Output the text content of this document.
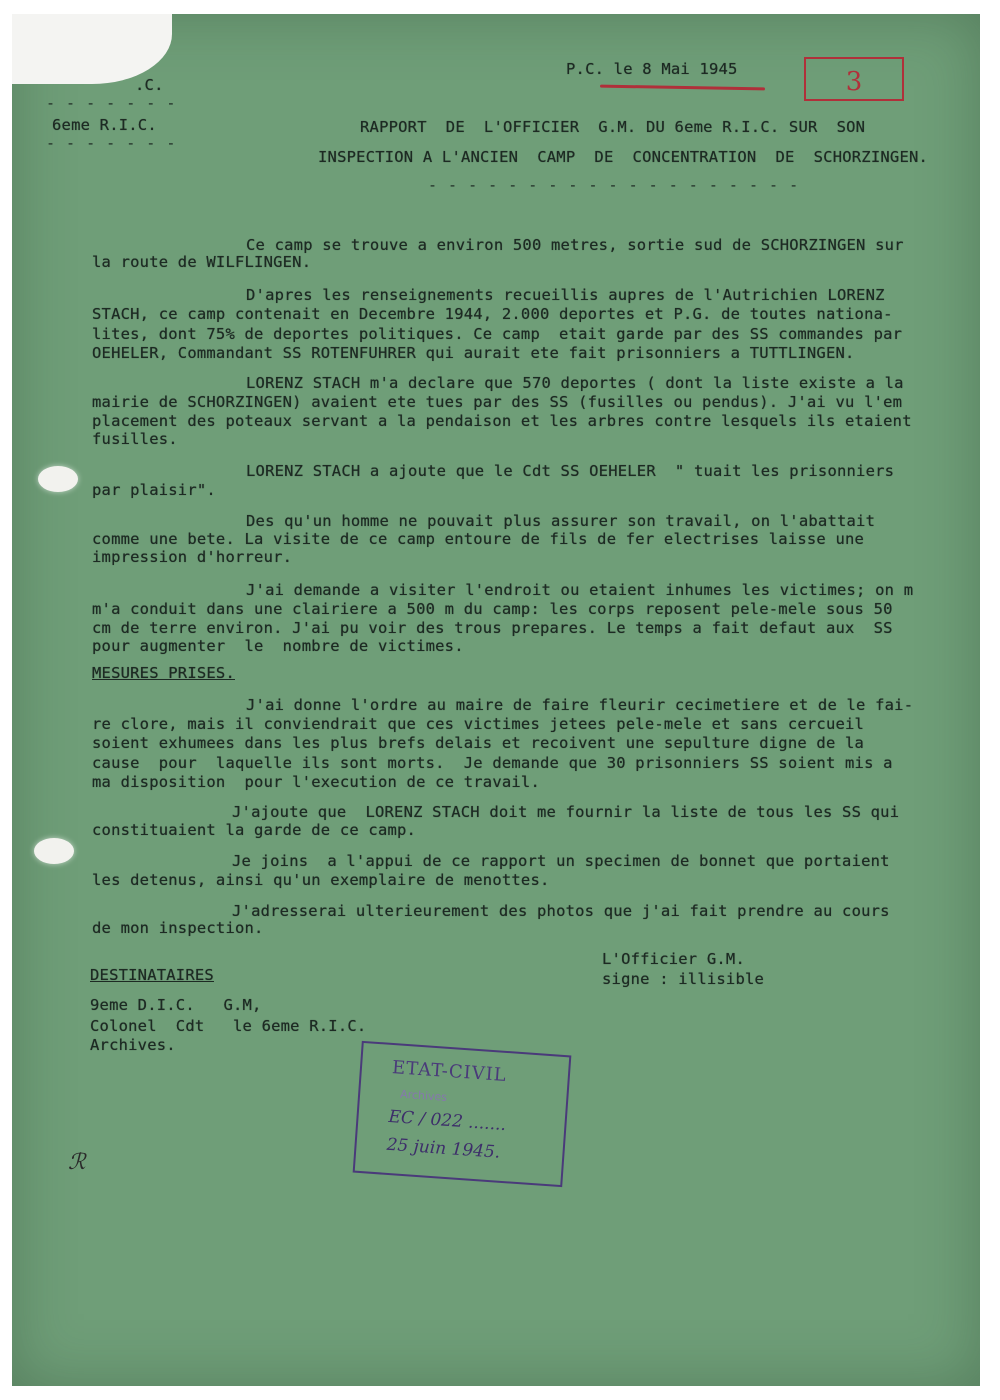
.C.
- - - - - - -
6eme R.I.C.
- - - - - - -
P.C. le 8 Mai 1945	3
RAPPORT  DE  L'OFFICIER  G.M. DU 6eme R.I.C. SUR  SON
INSPECTION A L'ANCIEN  CAMP  DE  CONCENTRATION  DE  SCHORZINGEN.
- - - - - - - - - - - - - - - - - - -
Ce camp se trouve a environ 500 metres, sortie sud de SCHORZINGEN sur
la route de WILFLINGEN.
D'apres les renseignements recueillis aupres de l'Autrichien LORENZ
STACH, ce camp contenait en Decembre 1944, 2.000 deportes et P.G. de toutes nationa-
lites, dont 75% de deportes politiques. Ce camp  etait garde par des SS commandes par
OEHELER, Commandant SS ROTENFUHRER qui aurait ete fait prisonniers a TUTTLINGEN.
LORENZ STACH m'a declare que 570 deportes ( dont la liste existe a la
mairie de SCHORZINGEN) avaient ete tues par des SS (fusilles ou pendus). J'ai vu l'em
placement des poteaux servant a la pendaison et les arbres contre lesquels ils etaient
fusilles.
LORENZ STACH a ajoute que le Cdt SS OEHELER  " tuait les prisonniers
par plaisir".
Des qu'un homme ne pouvait plus assurer son travail, on l'abattait
comme une bete. La visite de ce camp entoure de fils de fer electrises laisse une
impression d'horreur.
J'ai demande a visiter l'endroit ou etaient inhumes les victimes; on m
m'a conduit dans une clairiere a 500 m du camp: les corps reposent pele-mele sous 50
cm de terre environ. J'ai pu voir des trous prepares. Le temps a fait defaut aux  SS
pour augmenter  le  nombre de victimes.
MESURES PRISES.
J'ai donne l'ordre au maire de faire fleurir cecimetiere et de le fai-
re clore, mais il conviendrait que ces victimes jetees pele-mele et sans cercueil
soient exhumees dans les plus brefs delais et recoivent une sepulture digne de la
cause  pour  laquelle ils sont morts.  Je demande que 30 prisonniers SS soient mis a
ma disposition  pour l'execution de ce travail.
J'ajoute que  LORENZ STACH doit me fournir la liste de tous les SS qui
constituaient la garde de ce camp.
Je joins  a l'appui de ce rapport un specimen de bonnet que portaient
les detenus, ainsi qu'un exemplaire de menottes.
J'adresserai ulterieurement des photos que j'ai fait prendre au cours
de mon inspection.
L'Officier G.M.
signe : illisible
DESTINATAIRES
9eme D.I.C.   G.M,
Colonel  Cdt   le 6eme R.I.C.
Archives.
ETAT-CIVIL
Archives
EC / 022 .......
25 juin 1945.
ℛ
